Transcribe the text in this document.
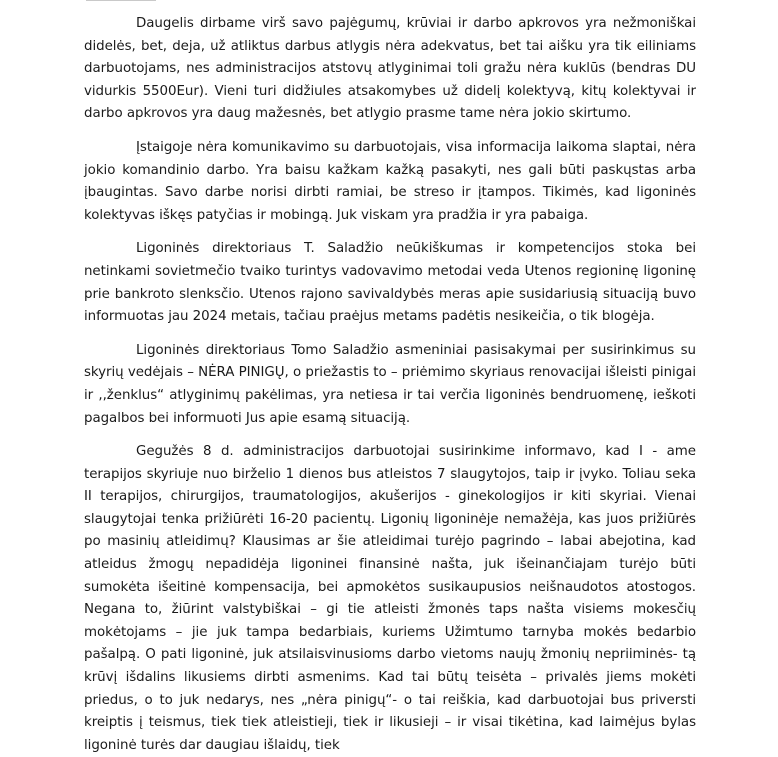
Daugelis dirbame virš savo pajėgumų, krūviai ir darbo apkrovos yra nežmoniškai didelės, bet, deja, už atliktus darbus atlygis nėra adekvatus, bet tai aišku yra tik eiliniams darbuotojams, nes administracijos atstovų atlyginimai toli gražu nėra kuklūs (bendras DU vidurkis 5500Eur). Vieni turi didžiules atsakomybes už didelį kolektyvą, kitų kolektyvai ir darbo apkrovos yra daug mažesnės, bet atlygio prasme tame nėra jokio skirtumo.

Įstaigoje nėra komunikavimo su darbuotojais, visa informacija laikoma slaptai, nėra jokio komandinio darbo. Yra baisu kažkam kažką pasakyti, nes gali būti paskųstas arba įbaugintas. Savo darbe norisi dirbti ramiai, be streso ir įtampos. Tikimės, kad ligoninės kolektyvas iškęs patyčias ir mobingą. Juk viskam yra pradžia ir yra pabaiga.

Ligoninės direktoriaus T. Saladžio neūkiškumas ir kompetencijos stoka bei netinkami sovietmečio tvaiko turintys vadovavimo metodai veda Utenos regioninę ligoninę prie bankroto slenksčio. Utenos rajono savivaldybės meras apie susidariusią situaciją buvo informuotas jau 2024 metais, tačiau praėjus metams padėtis nesikeičia, o tik blogėja.

Ligoninės direktoriaus Tomo Saladžio asmeniniai pasisakymai per susirinkimus su skyrių vedėjais – NĖRA PINIGŲ, o priežastis to – priėmimo skyriaus renovacijai išleisti pinigai ir ,,ženklus“ atlyginimų pakėlimas, yra netiesa ir tai verčia ligoninės bendruomenę, ieškoti pagalbos bei informuoti Jus apie esamą situaciją.

Gegužės 8 d. administracijos darbuotojai susirinkime informavo, kad I - ame terapijos skyriuje nuo birželio 1 dienos bus atleistos 7 slaugytojos, taip ir įvyko. Toliau seka II terapijos, chirurgijos, traumatologijos, akušerijos - ginekologijos ir kiti skyriai. Vienai slaugytojai tenka prižiūrėti 16-20 pacientų. Ligonių ligoninėje nemažėja, kas juos prižiūrės po masinių atleidimų? Klausimas ar šie atleidimai turėjo pagrindo – labai abejotina, kad atleidus žmogų nepadidėja ligoninei finansinė našta, juk išeinančiajam turėjo būti sumokėta išeitinė kompensacija, bei apmokėtos susikaupusios neišnaudotos atostogos. Negana to, žiūrint valstybiškai – gi tie atleisti žmonės taps našta visiems mokesčių mokėtojams – jie juk tampa bedarbiais, kuriems Užimtumo tarnyba mokės bedarbio pašalpą. O pati ligoninė, juk atsilaisvinusioms darbo vietoms naujų žmonių nepriiminės- tą krūvį išdalins likusiems dirbti asmenims. Kad tai būtų teisėta – privalės jiems mokėti priedus, o to juk nedarys, nes „nėra pinigų“- o tai reiškia, kad darbuotojai bus priversti kreiptis į teismus, tiek tiek atleistieji, tiek ir likusieji – ir visai tikėtina, kad laimėjus bylas ligoninė turės dar daugiau išlaidų, tiek
